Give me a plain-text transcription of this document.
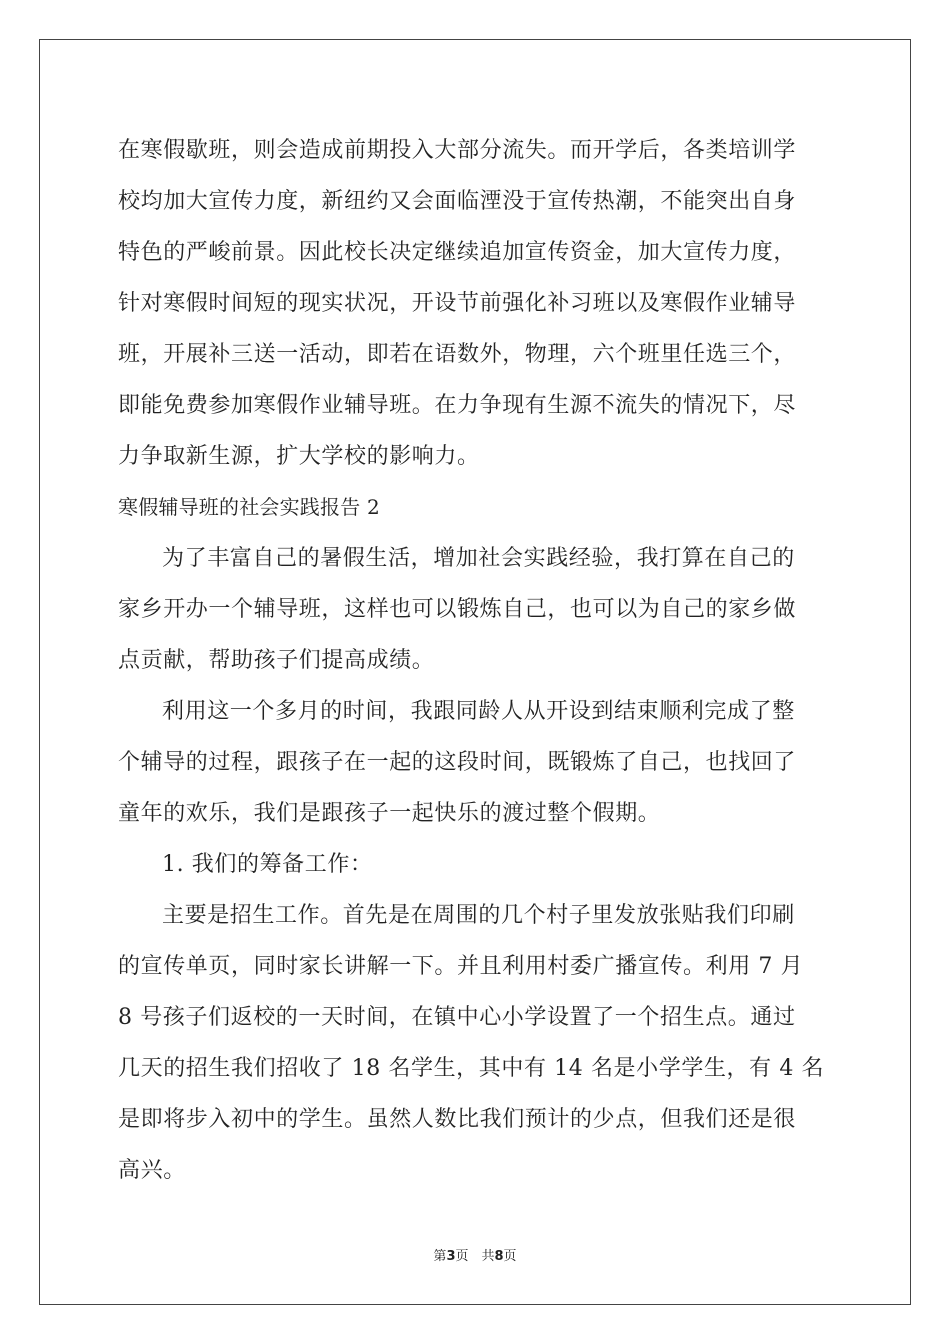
在寒假歇班，则会造成前期投入大部分流失。而开学后，各类培训学
校均加大宣传力度，新纽约又会面临湮没于宣传热潮，不能突出自身
特色的严峻前景。因此校长决定继续追加宣传资金，加大宣传力度，
针对寒假时间短的现实状况，开设节前强化补习班以及寒假作业辅导
班，开展补三送一活动，即若在语数外，物理，六个班里任选三个，
即能免费参加寒假作业辅导班。在力争现有生源不流失的情况下，尽
力争取新生源，扩大学校的影响力。
寒假辅导班的社会实践报告 2
为了丰富自己的暑假生活，增加社会实践经验，我打算在自己的
家乡开办一个辅导班，这样也可以锻炼自己，也可以为自己的家乡做
点贡献，帮助孩子们提高成绩。
利用这一个多月的时间，我跟同龄人从开设到结束顺利完成了整
个辅导的过程，跟孩子在一起的这段时间，既锻炼了自己，也找回了
童年的欢乐，我们是跟孩子一起快乐的渡过整个假期。
1. 我们的筹备工作：
主要是招生工作。首先是在周围的几个村子里发放张贴我们印刷
的宣传单页，同时家长讲解一下。并且利用村委广播宣传。利用 7 月
8 号孩子们返校的一天时间，在镇中心小学设置了一个招生点。通过
几天的招生我们招收了 18 名学生，其中有 14 名是小学学生，有 4 名
是即将步入初中的学生。虽然人数比我们预计的少点，但我们还是很
高兴。
第3页　共8页
